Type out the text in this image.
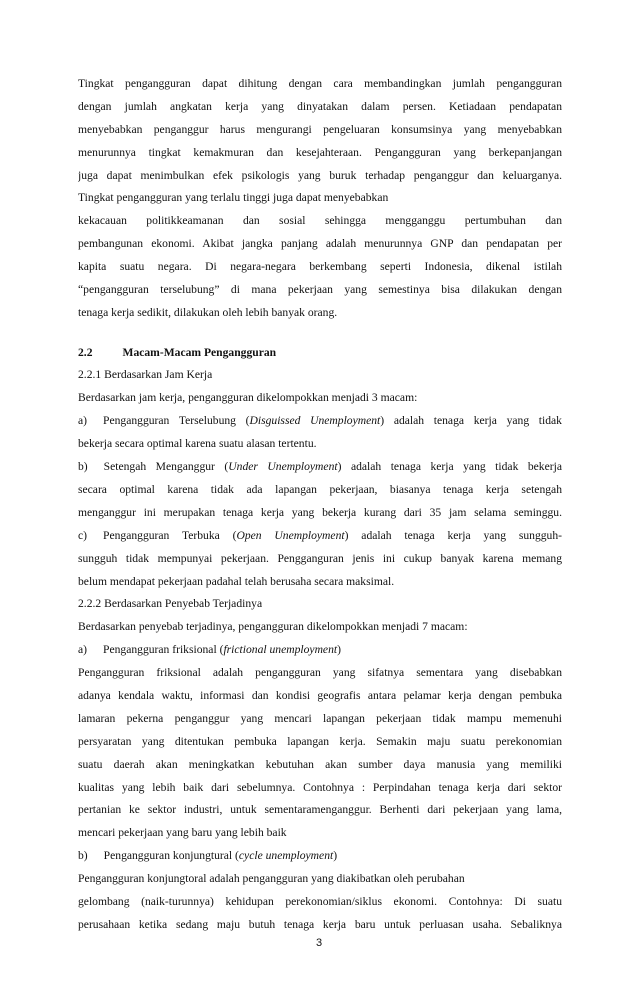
Tingkat pengangguran dapat dihitung dengan cara membandingkan jumlah pengangguran
dengan jumlah angkatan kerja yang dinyatakan dalam persen. Ketiadaan pendapatan
menyebabkan penganggur harus mengurangi pengeluaran konsumsinya yang menyebabkan
menurunnya tingkat kemakmuran dan kesejahteraan. Pengangguran yang berkepanjangan
juga dapat menimbulkan efek psikologis yang buruk terhadap penganggur dan keluarganya.
Tingkat pengangguran yang terlalu tinggi juga dapat menyebabkan
kekacauan politikkeamanan dan sosial sehingga mengganggu pertumbuhan dan
pembangunan ekonomi. Akibat jangka panjang adalah menurunnya GNP dan pendapatan per
kapita suatu negara. Di negara-negara berkembang seperti Indonesia, dikenal istilah
“pengangguran terselubung” di mana pekerjaan yang semestinya bisa dilakukan dengan
tenaga kerja sedikit, dilakukan oleh lebih banyak orang.
2.2	Macam-Macam Pengangguran
2.2.1 Berdasarkan Jam Kerja
Berdasarkan jam kerja, pengangguran dikelompokkan menjadi 3 macam:
a) Pengangguran Terselubung (Disguissed Unemployment) adalah tenaga kerja yang tidak
bekerja secara optimal karena suatu alasan tertentu.
b) Setengah Menganggur (Under Unemployment) adalah tenaga kerja yang tidak bekerja
secara optimal karena tidak ada lapangan pekerjaan, biasanya tenaga kerja setengah
menganggur ini merupakan tenaga kerja yang bekerja kurang dari 35 jam selama seminggu.
c) Pengangguran Terbuka (Open Unemployment) adalah tenaga kerja yang sungguh-
sungguh tidak mempunyai pekerjaan. Pengganguran jenis ini cukup banyak karena memang
belum mendapat pekerjaan padahal telah berusaha secara maksimal.
2.2.2 Berdasarkan Penyebab Terjadinya
Berdasarkan penyebab terjadinya, pengangguran dikelompokkan menjadi 7 macam:
a) Pengangguran friksional (frictional unemployment)
Pengangguran friksional adalah pengangguran yang sifatnya sementara yang disebabkan
adanya kendala waktu, informasi dan kondisi geografis antara pelamar kerja dengan pembuka
lamaran pekerna penganggur yang mencari lapangan pekerjaan tidak mampu memenuhi
persyaratan yang ditentukan pembuka lapangan kerja. Semakin maju suatu perekonomian
suatu daerah akan meningkatkan kebutuhan akan sumber daya manusia yang memiliki
kualitas yang lebih baik dari sebelumnya. Contohnya : Perpindahan tenaga kerja dari sektor
pertanian ke sektor industri, untuk sementaramenganggur. Berhenti dari pekerjaan yang lama,
mencari pekerjaan yang baru yang lebih baik
b) Pengangguran konjungtural (cycle unemployment)
Pengangguran konjungtoral adalah pengangguran yang diakibatkan oleh perubahan
gelombang (naik-turunnya) kehidupan perekonomian/siklus ekonomi. Contohnya: Di suatu
perusahaan ketika sedang maju butuh tenaga kerja baru untuk perluasan usaha. Sebaliknya
3
